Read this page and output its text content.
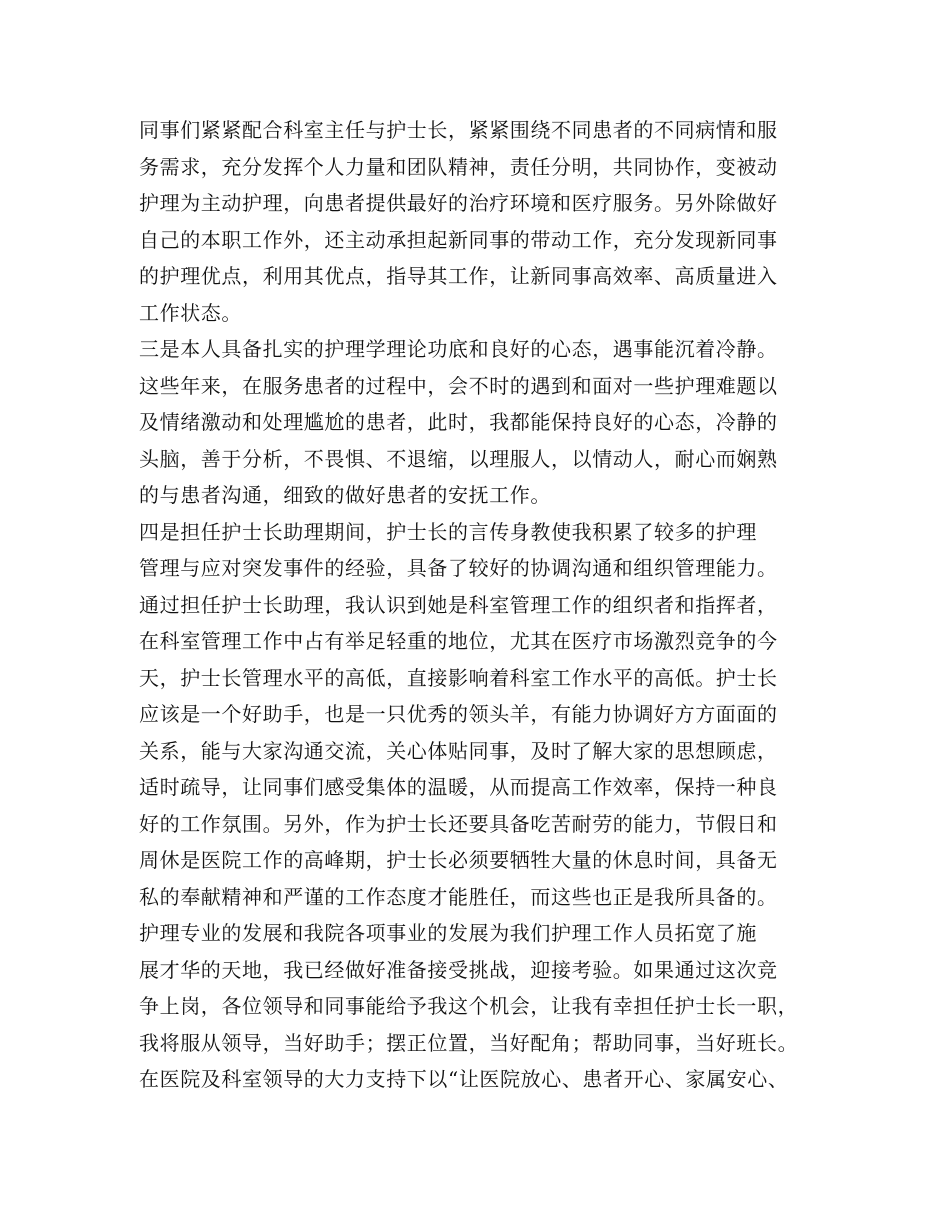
同事们紧紧配合科室主任与护士长，紧紧围绕不同患者的不同病情和服
务需求，充分发挥个人力量和团队精神，责任分明，共同协作，变被动
护理为主动护理，向患者提供最好的治疗环境和医疗服务。另外除做好
自己的本职工作外，还主动承担起新同事的带动工作，充分发现新同事
的护理优点，利用其优点，指导其工作，让新同事高效率、高质量进入
工作状态。
三是本人具备扎实的护理学理论功底和良好的心态，遇事能沉着冷静。
这些年来，在服务患者的过程中，会不时的遇到和面对一些护理难题以
及情绪激动和处理尴尬的患者，此时，我都能保持良好的心态，冷静的
头脑，善于分析，不畏惧、不退缩，以理服人，以情动人，耐心而娴熟
的与患者沟通，细致的做好患者的安抚工作。
四是担任护士长助理期间，护士长的言传身教使我积累了较多的护理
管理与应对突发事件的经验，具备了较好的协调沟通和组织管理能力。
通过担任护士长助理，我认识到她是科室管理工作的组织者和指挥者，
在科室管理工作中占有举足轻重的地位，尤其在医疗市场激烈竞争的今
天，护士长管理水平的高低，直接影响着科室工作水平的高低。护士长
应该是一个好助手，也是一只优秀的领头羊，有能力协调好方方面面的
关系，能与大家沟通交流，关心体贴同事，及时了解大家的思想顾虑，
适时疏导，让同事们感受集体的温暖，从而提高工作效率，保持一种良
好的工作氛围。另外，作为护士长还要具备吃苦耐劳的能力，节假日和
周休是医院工作的高峰期，护士长必须要牺牲大量的休息时间，具备无
私的奉献精神和严谨的工作态度才能胜任，而这些也正是我所具备的。
护理专业的发展和我院各项事业的发展为我们护理工作人员拓宽了施
展才华的天地，我已经做好准备接受挑战，迎接考验。如果通过这次竞
争上岗，各位领导和同事能给予我这个机会，让我有幸担任护士长一职，
我将服从领导，当好助手；摆正位置，当好配角；帮助同事，当好班长。
在医院及科室领导的大力支持下以“让医院放心、患者开心、家属安心、
